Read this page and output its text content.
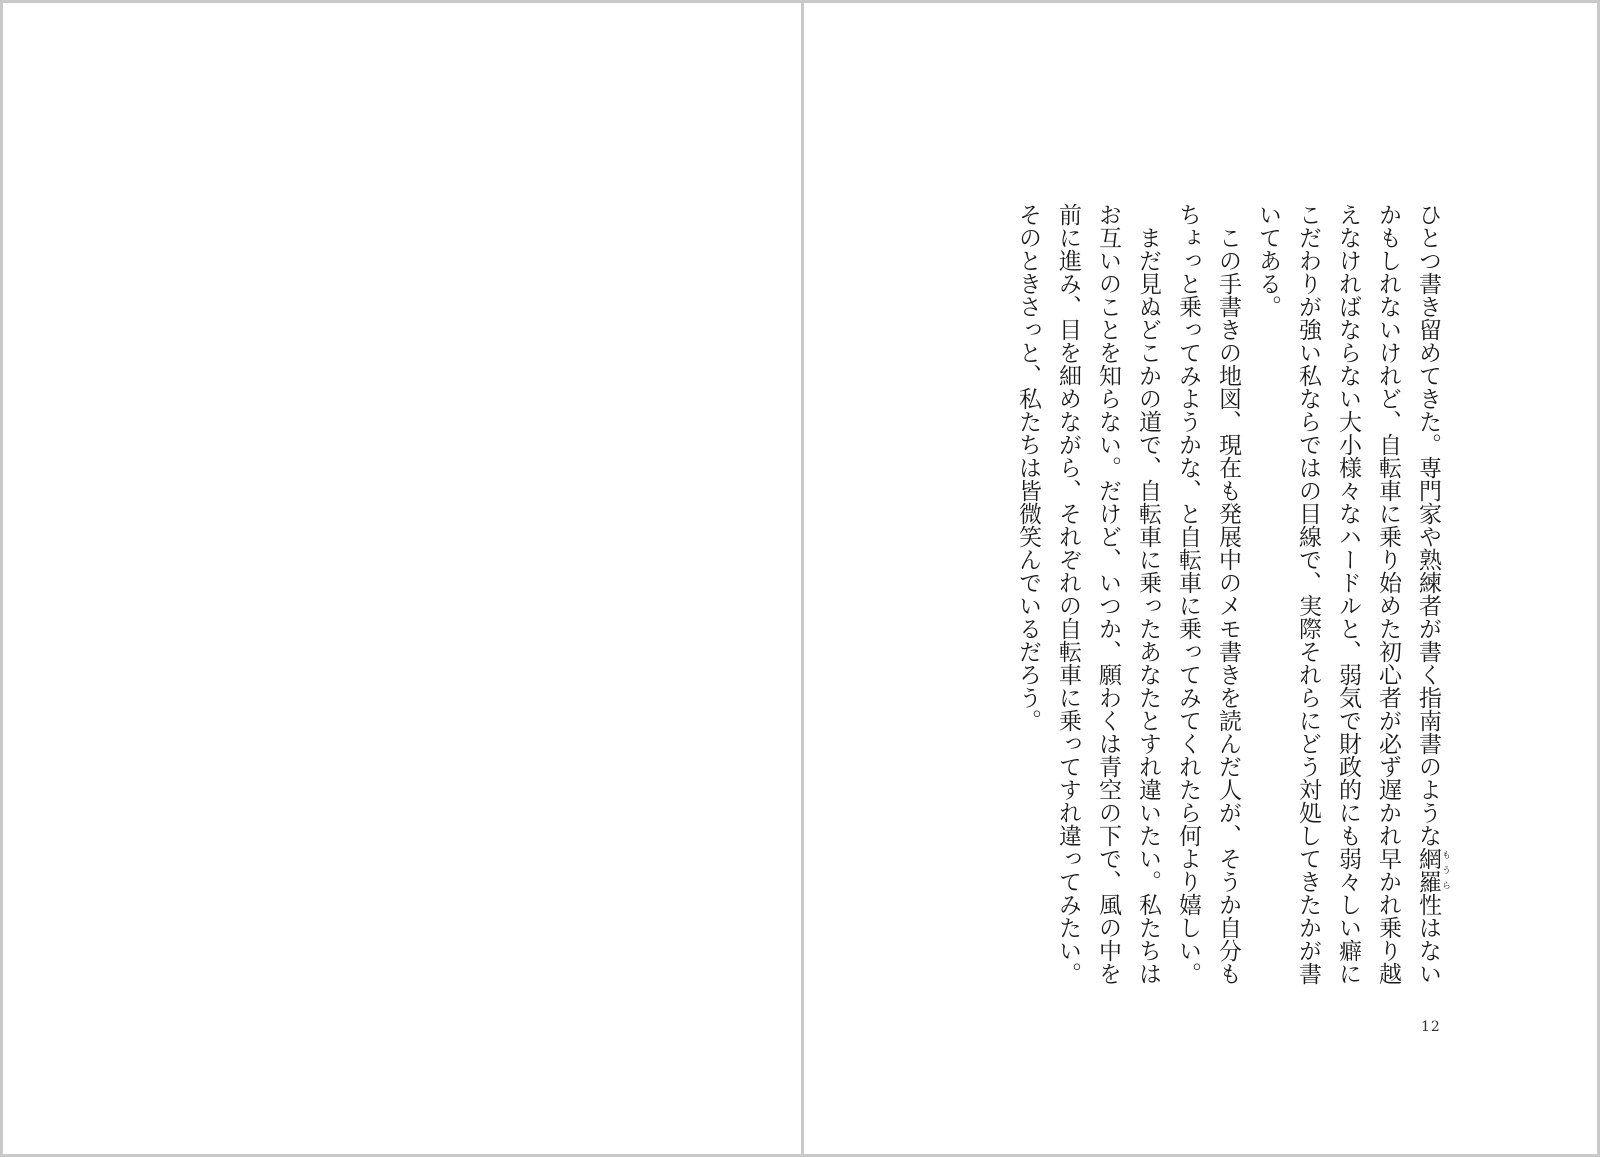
ひとつ書き留めてきた。専門家や熟練者が書く指南書のような網羅 もうら性はないかもしれないけれど、自転車に乗り始めた初心者が必ず遅かれ早かれ乗り越えなければならない大小様々なハードルと、弱気で財政的にも弱々しい癖にこだわりが強い私ならではの目線で、実際それらにどう対処してきたかが書いてある。

この手書きの地図、現在も発展中のメモ書きを読んだ人が、そうか自分もちょっと乗ってみようかな、と自転車に乗ってみてくれたら何より嬉しい。

まだ見ぬどこかの道で、自転車に乗ったあなたとすれ違いたい。私たちはお互いのことを知らない。だけど、いつか、願わくは青空の下で、風の中を前に進み、目を細めながら、それぞれの自転車に乗ってすれ違ってみたい。そのときさっと、私たちは皆微笑んでいるだろう。

12
